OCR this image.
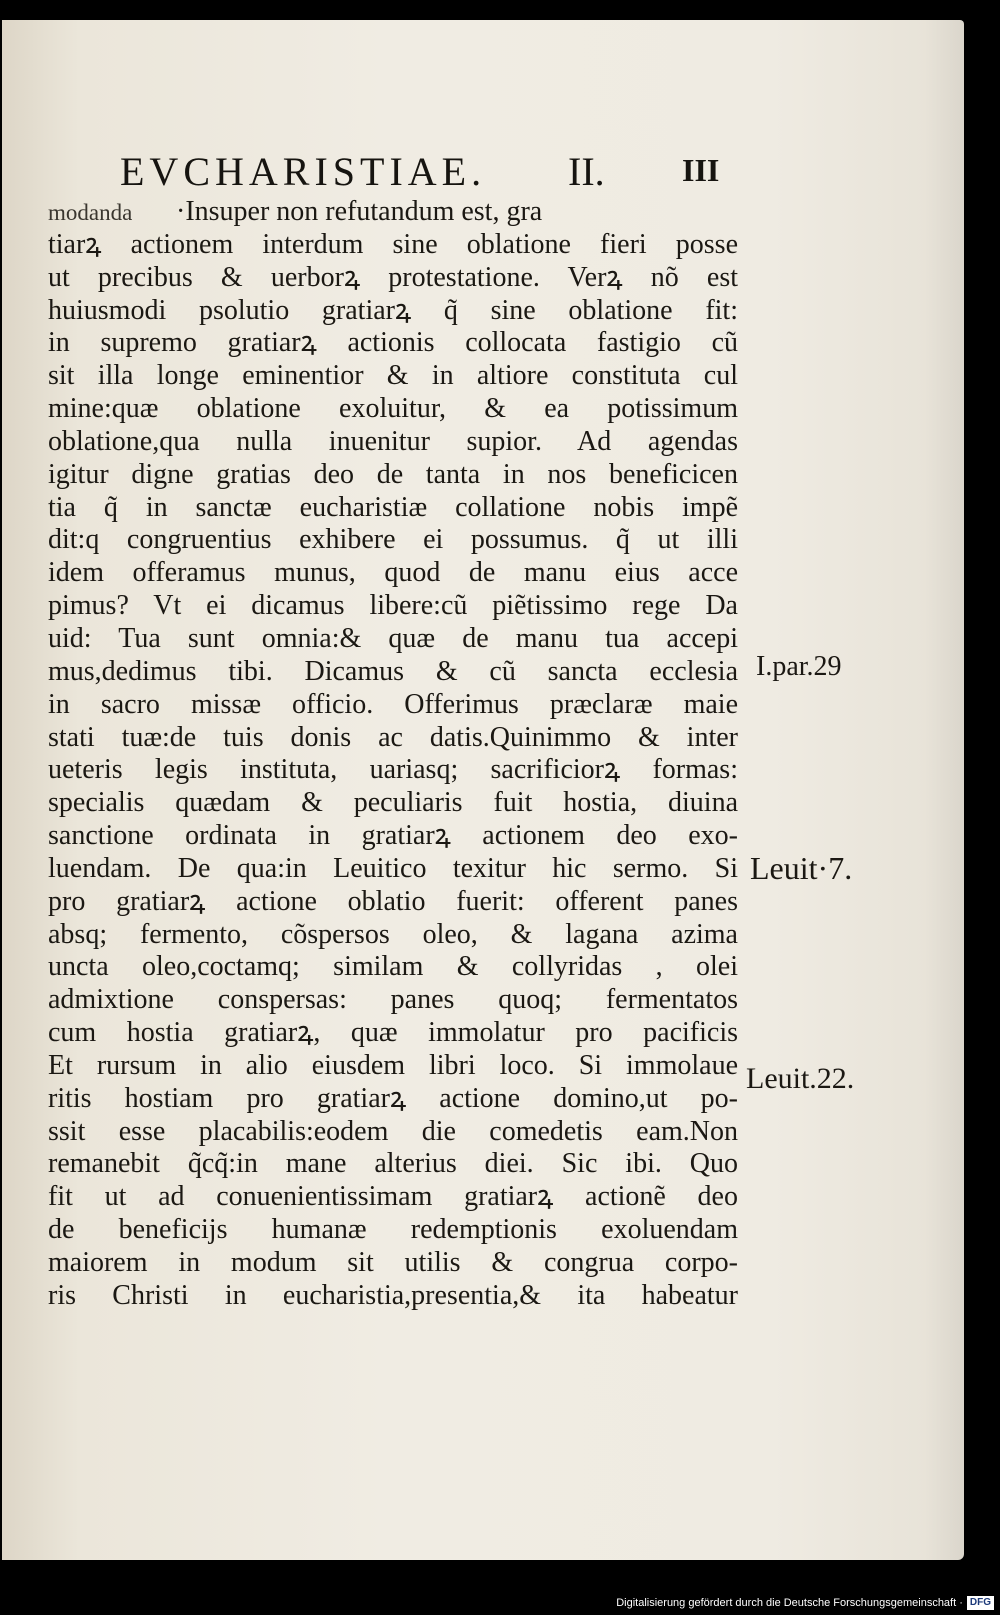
EVCHARISTIAE. II. III
modanda ·Insuper non refutandum est, gra
tiarꝝ actionem interdum sine oblatione fieri posse
ut precibus & uerborꝝ protestatione. Verꝝ nõ est
huiusmodi psolutio gratiarꝝ q̃ sine oblatione fit:
in supremo gratiarꝝ actionis collocata fastigio cũ
sit illa longe eminentior & in altiore constituta cul
mine:quæ oblatione exoluitur, & ea potissimum
oblatione,qua nulla inuenitur supior. Ad agendas
igitur digne gratias deo de tanta in nos beneficicen
tia q̃ in sanctæ eucharistiæ collatione nobis impẽ
dit:q congruentius exhibere ei possumus. q̃ ut illi
idem offeramus munus, quod de manu eius acce
pimus? Vt ei dicamus libere:cũ piẽtissimo rege Da
uid: Tua sunt omnia:& quæ de manu tua accepi
mus,dedimus tibi. Dicamus & cũ sancta ecclesia
in sacro missæ officio. Offerimus præclaræ maie
stati tuæ:de tuis donis ac datis.Quinimmo & inter
ueteris legis instituta, uariasq; sacrificiorꝝ formas:
specialis quædam & peculiaris fuit hostia, diuina
sanctione ordinata in gratiarꝝ actionem deo exo-
luendam. De qua:in Leuitico texitur hic sermo. Si
pro gratiarꝝ actione oblatio fuerit: offerent panes
absq; fermento, cõspersos oleo, & lagana azima
uncta oleo,coctamq; similam & collyridas , olei
admixtione conspersas: panes quoq; fermentatos
cum hostia gratiarꝝ, quæ immolatur pro pacificis
Et rursum in alio eiusdem libri loco. Si immolaue
ritis hostiam pro gratiarꝝ actione domino,ut po-
ssit esse placabilis:eodem die comedetis eam.Non
remanebit q̃cq̃:in mane alterius diei. Sic ibi. Quo
fit ut ad conuenientissimam gratiarꝝ actionẽ deo
de beneficijs humanæ redemptionis exoluendam
maiorem in modum sit utilis & congrua corpo-
ris Christi in eucharistia,presentia,& ita habeatur
I.par.29
Leuit·7.
Leuit.22.
Digitalisierung gefördert durch die Deutsche Forschungsgemeinschaft · DFG
